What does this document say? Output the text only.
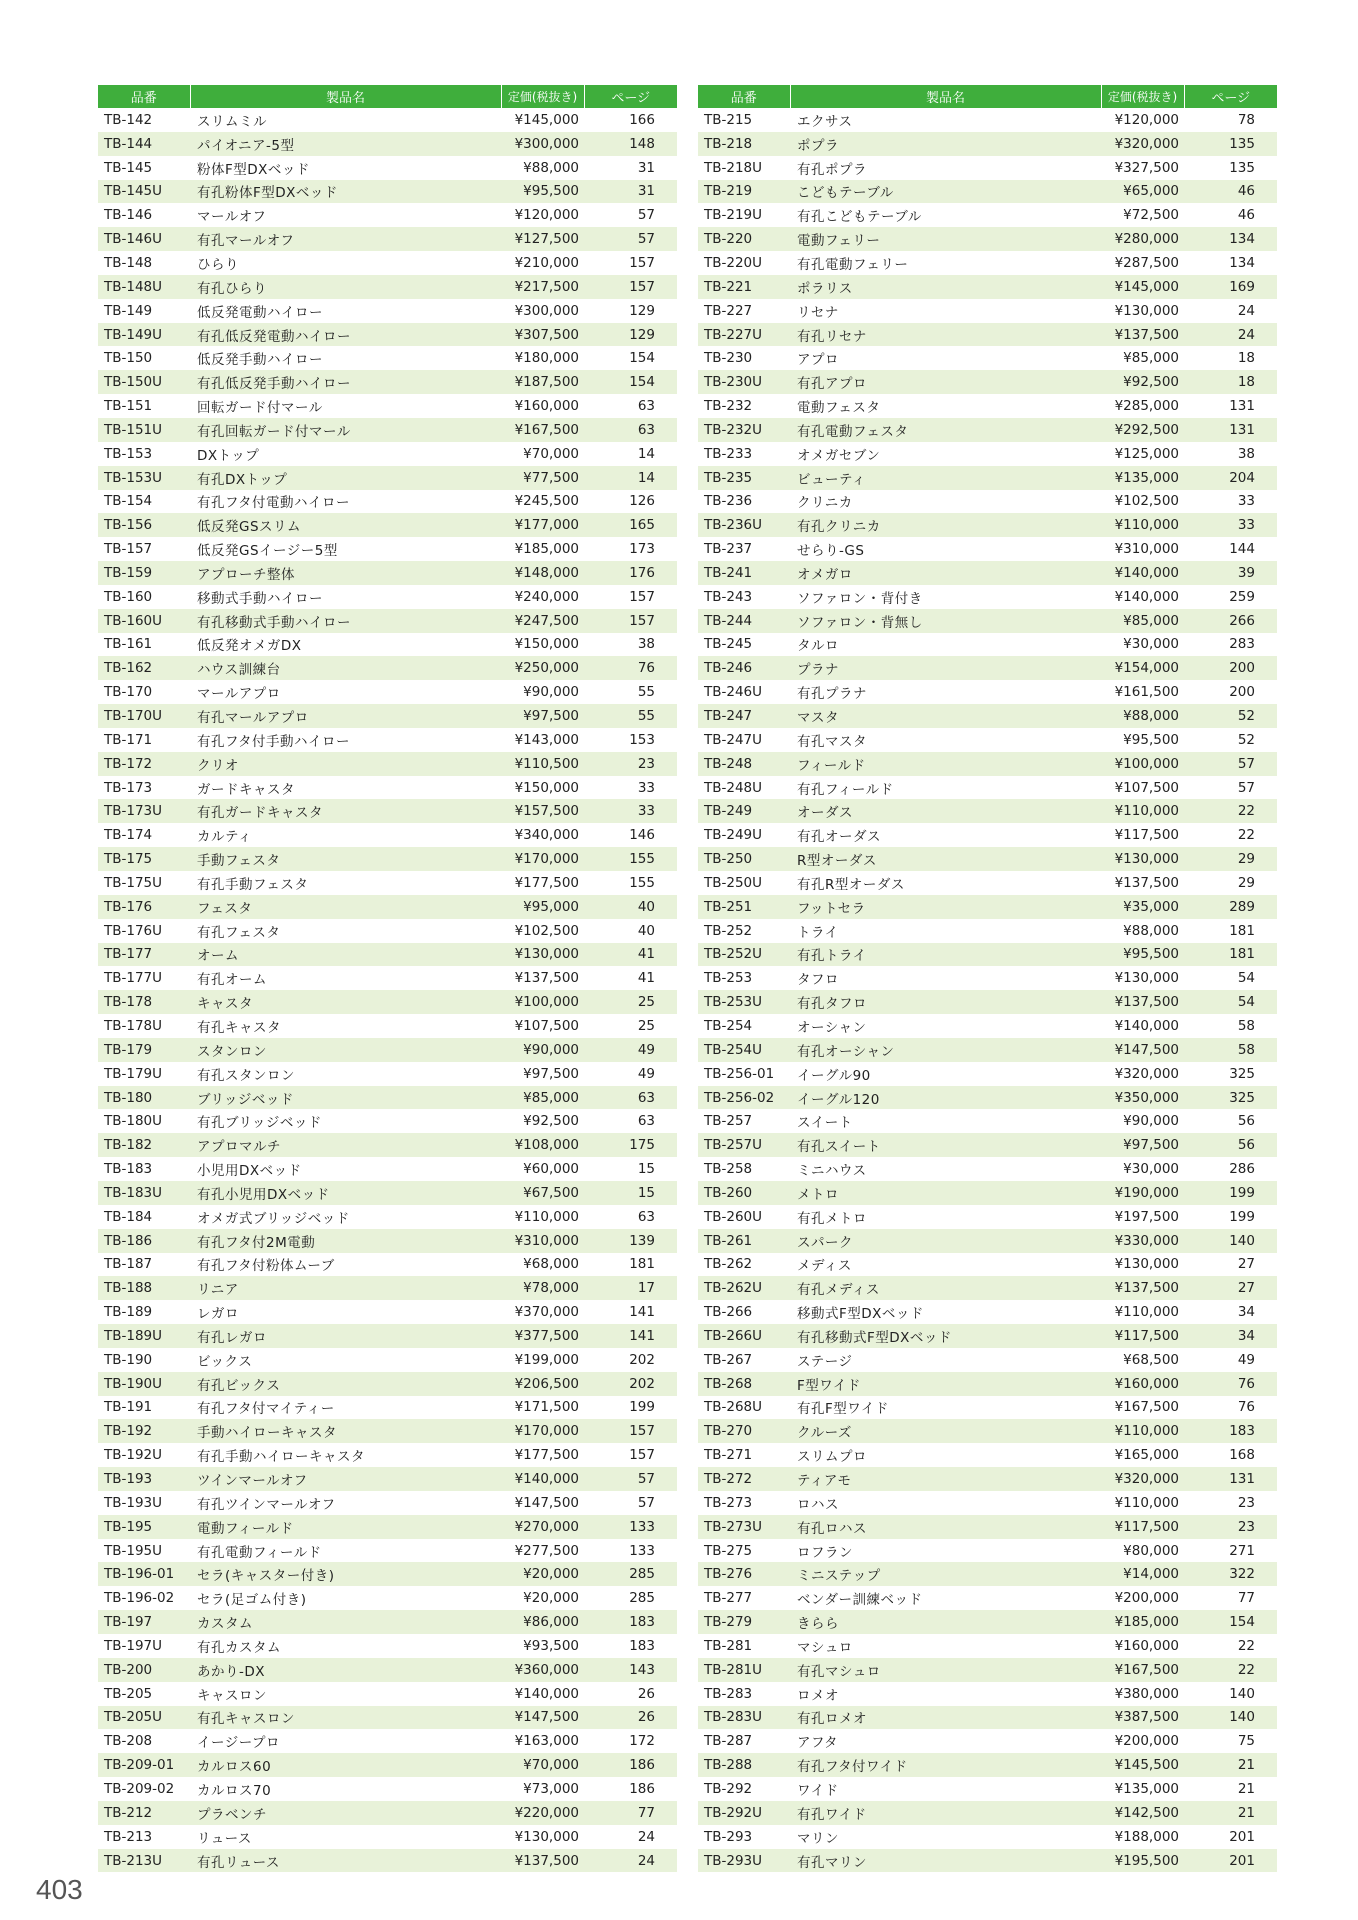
品番	製品名	定価(税抜き)	ページ
TB-142	スリムミル	¥145,000	166
TB-144	パイオニア-5型	¥300,000	148
TB-145	粉体F型DXベッド	¥88,000	31
TB-145U	有孔粉体F型DXベッド	¥95,500	31
TB-146	マールオフ	¥120,000	57
TB-146U	有孔マールオフ	¥127,500	57
TB-148	ひらり	¥210,000	157
TB-148U	有孔ひらり	¥217,500	157
TB-149	低反発電動ハイロー	¥300,000	129
TB-149U	有孔低反発電動ハイロー	¥307,500	129
TB-150	低反発手動ハイロー	¥180,000	154
TB-150U	有孔低反発手動ハイロー	¥187,500	154
TB-151	回転ガード付マール	¥160,000	63
TB-151U	有孔回転ガード付マール	¥167,500	63
TB-153	DXトップ	¥70,000	14
TB-153U	有孔DXトップ	¥77,500	14
TB-154	有孔フタ付電動ハイロー	¥245,500	126
TB-156	低反発GSスリム	¥177,000	165
TB-157	低反発GSイージー5型	¥185,000	173
TB-159	アプローチ整体	¥148,000	176
TB-160	移動式手動ハイロー	¥240,000	157
TB-160U	有孔移動式手動ハイロー	¥247,500	157
TB-161	低反発オメガDX	¥150,000	38
TB-162	ハウス訓練台	¥250,000	76
TB-170	マールアプロ	¥90,000	55
TB-170U	有孔マールアプロ	¥97,500	55
TB-171	有孔フタ付手動ハイロー	¥143,000	153
TB-172	クリオ	¥110,500	23
TB-173	ガードキャスタ	¥150,000	33
TB-173U	有孔ガードキャスタ	¥157,500	33
TB-174	カルティ	¥340,000	146
TB-175	手動フェスタ	¥170,000	155
TB-175U	有孔手動フェスタ	¥177,500	155
TB-176	フェスタ	¥95,000	40
TB-176U	有孔フェスタ	¥102,500	40
TB-177	オーム	¥130,000	41
TB-177U	有孔オーム	¥137,500	41
TB-178	キャスタ	¥100,000	25
TB-178U	有孔キャスタ	¥107,500	25
TB-179	スタンロン	¥90,000	49
TB-179U	有孔スタンロン	¥97,500	49
TB-180	ブリッジベッド	¥85,000	63
TB-180U	有孔ブリッジベッド	¥92,500	63
TB-182	アプロマルチ	¥108,000	175
TB-183	小児用DXベッド	¥60,000	15
TB-183U	有孔小児用DXベッド	¥67,500	15
TB-184	オメガ式ブリッジベッド	¥110,000	63
TB-186	有孔フタ付2M電動	¥310,000	139
TB-187	有孔フタ付粉体ムーブ	¥68,000	181
TB-188	リニア	¥78,000	17
TB-189	レガロ	¥370,000	141
TB-189U	有孔レガロ	¥377,500	141
TB-190	ビックス	¥199,000	202
TB-190U	有孔ビックス	¥206,500	202
TB-191	有孔フタ付マイティー	¥171,500	199
TB-192	手動ハイローキャスタ	¥170,000	157
TB-192U	有孔手動ハイローキャスタ	¥177,500	157
TB-193	ツインマールオフ	¥140,000	57
TB-193U	有孔ツインマールオフ	¥147,500	57
TB-195	電動フィールド	¥270,000	133
TB-195U	有孔電動フィールド	¥277,500	133
TB-196-01	セラ(キャスター付き)	¥20,000	285
TB-196-02	セラ(足ゴム付き)	¥20,000	285
TB-197	カスタム	¥86,000	183
TB-197U	有孔カスタム	¥93,500	183
TB-200	あかり-DX	¥360,000	143
TB-205	キャスロン	¥140,000	26
TB-205U	有孔キャスロン	¥147,500	26
TB-208	イージープロ	¥163,000	172
TB-209-01	カルロス60	¥70,000	186
TB-209-02	カルロス70	¥73,000	186
TB-212	プラベンチ	¥220,000	77
TB-213	リュース	¥130,000	24
TB-213U	有孔リュース	¥137,500	24
品番	製品名	定価(税抜き)	ページ
TB-215	エクサス	¥120,000	78
TB-218	ポプラ	¥320,000	135
TB-218U	有孔ポプラ	¥327,500	135
TB-219	こどもテーブル	¥65,000	46
TB-219U	有孔こどもテーブル	¥72,500	46
TB-220	電動フェリー	¥280,000	134
TB-220U	有孔電動フェリー	¥287,500	134
TB-221	ポラリス	¥145,000	169
TB-227	リセナ	¥130,000	24
TB-227U	有孔リセナ	¥137,500	24
TB-230	アプロ	¥85,000	18
TB-230U	有孔アプロ	¥92,500	18
TB-232	電動フェスタ	¥285,000	131
TB-232U	有孔電動フェスタ	¥292,500	131
TB-233	オメガセブン	¥125,000	38
TB-235	ビューティ	¥135,000	204
TB-236	クリニカ	¥102,500	33
TB-236U	有孔クリニカ	¥110,000	33
TB-237	せらり-GS	¥310,000	144
TB-241	オメガロ	¥140,000	39
TB-243	ソファロン・背付き	¥140,000	259
TB-244	ソファロン・背無し	¥85,000	266
TB-245	タルロ	¥30,000	283
TB-246	プラナ	¥154,000	200
TB-246U	有孔プラナ	¥161,500	200
TB-247	マスタ	¥88,000	52
TB-247U	有孔マスタ	¥95,500	52
TB-248	フィールド	¥100,000	57
TB-248U	有孔フィールド	¥107,500	57
TB-249	オーダス	¥110,000	22
TB-249U	有孔オーダス	¥117,500	22
TB-250	R型オーダス	¥130,000	29
TB-250U	有孔R型オーダス	¥137,500	29
TB-251	フットセラ	¥35,000	289
TB-252	トライ	¥88,000	181
TB-252U	有孔トライ	¥95,500	181
TB-253	タフロ	¥130,000	54
TB-253U	有孔タフロ	¥137,500	54
TB-254	オーシャン	¥140,000	58
TB-254U	有孔オーシャン	¥147,500	58
TB-256-01	イーグル90	¥320,000	325
TB-256-02	イーグル120	¥350,000	325
TB-257	スイート	¥90,000	56
TB-257U	有孔スイート	¥97,500	56
TB-258	ミニハウス	¥30,000	286
TB-260	メトロ	¥190,000	199
TB-260U	有孔メトロ	¥197,500	199
TB-261	スパーク	¥330,000	140
TB-262	メディス	¥130,000	27
TB-262U	有孔メディス	¥137,500	27
TB-266	移動式F型DXベッド	¥110,000	34
TB-266U	有孔移動式F型DXベッド	¥117,500	34
TB-267	ステージ	¥68,500	49
TB-268	F型ワイド	¥160,000	76
TB-268U	有孔F型ワイド	¥167,500	76
TB-270	クルーズ	¥110,000	183
TB-271	スリムプロ	¥165,000	168
TB-272	ティアモ	¥320,000	131
TB-273	ロハス	¥110,000	23
TB-273U	有孔ロハス	¥117,500	23
TB-275	ロフラン	¥80,000	271
TB-276	ミニステップ	¥14,000	322
TB-277	ベンダー訓練ベッド	¥200,000	77
TB-279	きらら	¥185,000	154
TB-281	マシュロ	¥160,000	22
TB-281U	有孔マシュロ	¥167,500	22
TB-283	ロメオ	¥380,000	140
TB-283U	有孔ロメオ	¥387,500	140
TB-287	アフタ	¥200,000	75
TB-288	有孔フタ付ワイド	¥145,500	21
TB-292	ワイド	¥135,000	21
TB-292U	有孔ワイド	¥142,500	21
TB-293	マリン	¥188,000	201
TB-293U	有孔マリン	¥195,500	201
403
